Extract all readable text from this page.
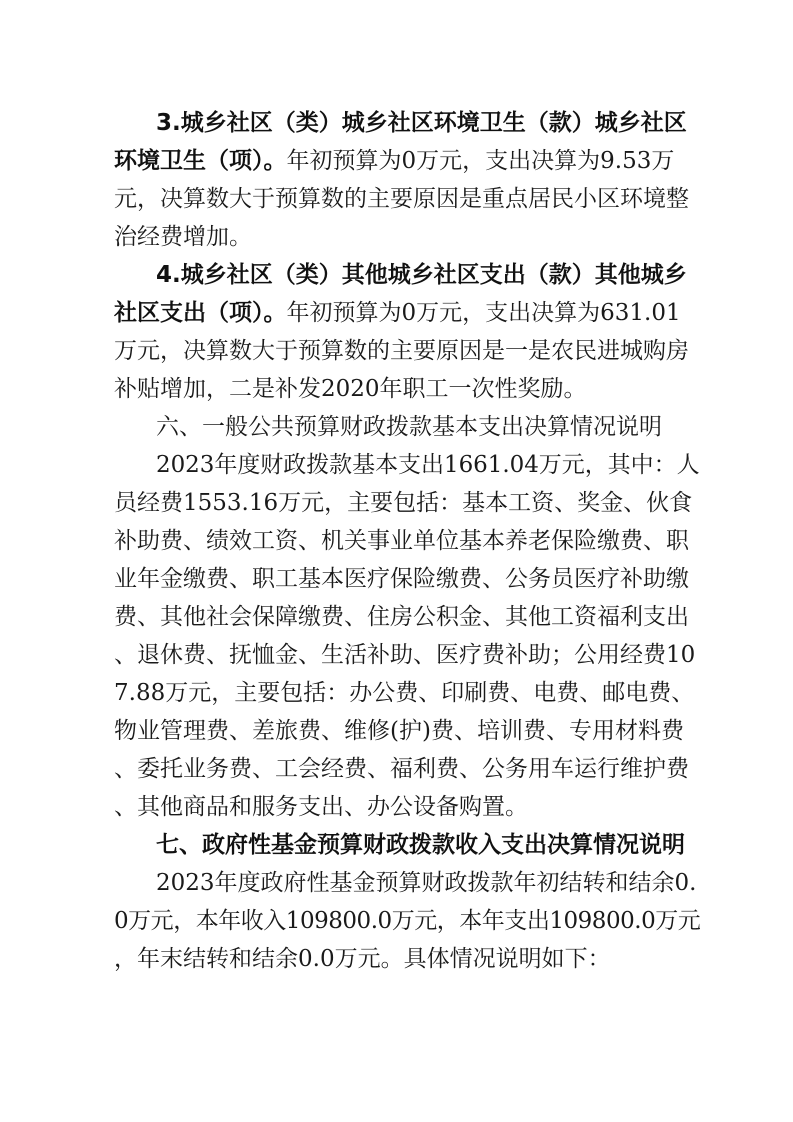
3.城乡社区（类）城乡社区环境卫生（款）城乡社区
环境卫生（项）。年初预算为0万元，支出决算为9.53万
元，决算数大于预算数的主要原因是重点居民小区环境整
治经费增加。
4.城乡社区（类）其他城乡社区支出（款）其他城乡
社区支出（项）。年初预算为0万元，支出决算为631.01
万元，决算数大于预算数的主要原因是一是农民进城购房
补贴增加，二是补发2020年职工一次性奖励。
六、一般公共预算财政拨款基本支出决算情况说明
2023年度财政拨款基本支出1661.04万元，其中：人
员经费1553.16万元，主要包括：基本工资、奖金、伙食
补助费、绩效工资、机关事业单位基本养老保险缴费、职
业年金缴费、职工基本医疗保险缴费、公务员医疗补助缴
费、其他社会保障缴费、住房公积金、其他工资福利支出
、退休费、抚恤金、生活补助、医疗费补助；公用经费10
7.88万元，主要包括：办公费、印刷费、电费、邮电费、
物业管理费、差旅费、维修(护)费、培训费、专用材料费
、委托业务费、工会经费、福利费、公务用车运行维护费
、其他商品和服务支出、办公设备购置。
七、政府性基金预算财政拨款收入支出决算情况说明
2023年度政府性基金预算财政拨款年初结转和结余0.
0万元，本年收入109800.0万元，本年支出109800.0万元
，年末结转和结余0.0万元。具体情况说明如下：
